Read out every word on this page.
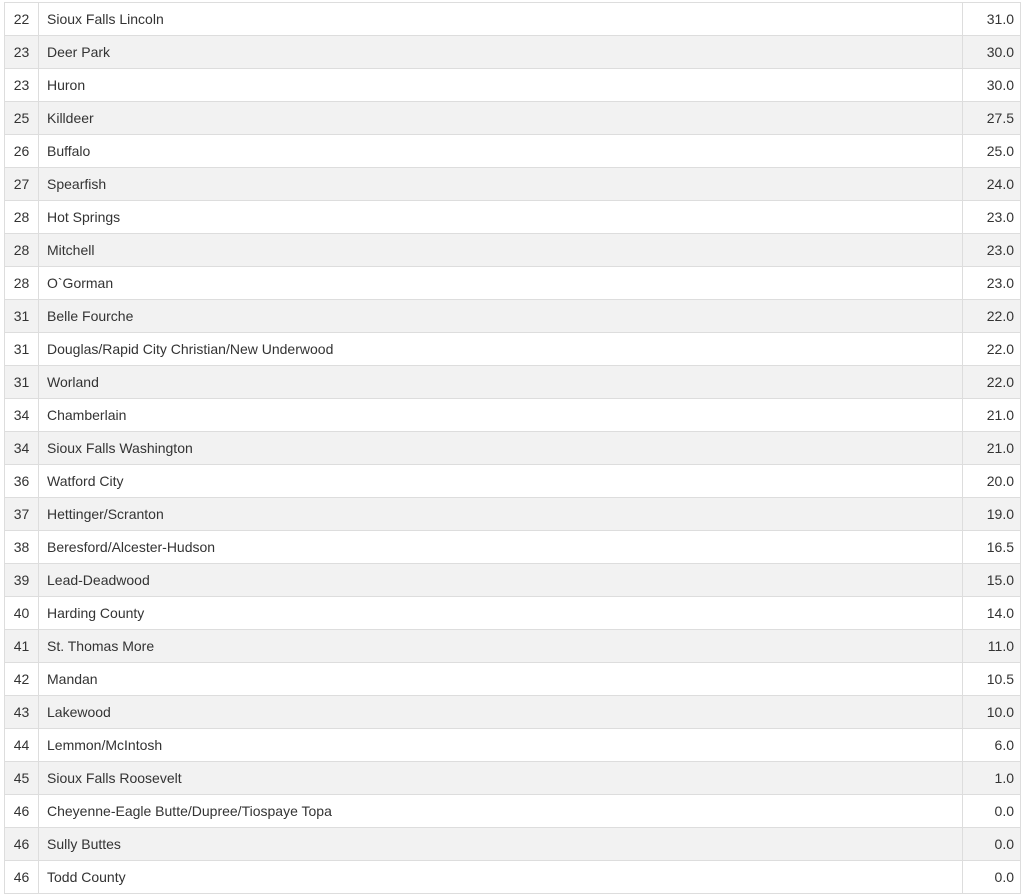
22	Sioux Falls Lincoln	31.0
23	Deer Park	30.0
23	Huron	30.0
25	Killdeer	27.5
26	Buffalo	25.0
27	Spearfish	24.0
28	Hot Springs	23.0
28	Mitchell	23.0
28	O`Gorman	23.0
31	Belle Fourche	22.0
31	Douglas/Rapid City Christian/New Underwood	22.0
31	Worland	22.0
34	Chamberlain	21.0
34	Sioux Falls Washington	21.0
36	Watford City	20.0
37	Hettinger/Scranton	19.0
38	Beresford/Alcester-Hudson	16.5
39	Lead-Deadwood	15.0
40	Harding County	14.0
41	St. Thomas More	11.0
42	Mandan	10.5
43	Lakewood	10.0
44	Lemmon/McIntosh	6.0
45	Sioux Falls Roosevelt	1.0
46	Cheyenne-Eagle Butte/Dupree/Tiospaye Topa	0.0
46	Sully Buttes	0.0
46	Todd County	0.0
